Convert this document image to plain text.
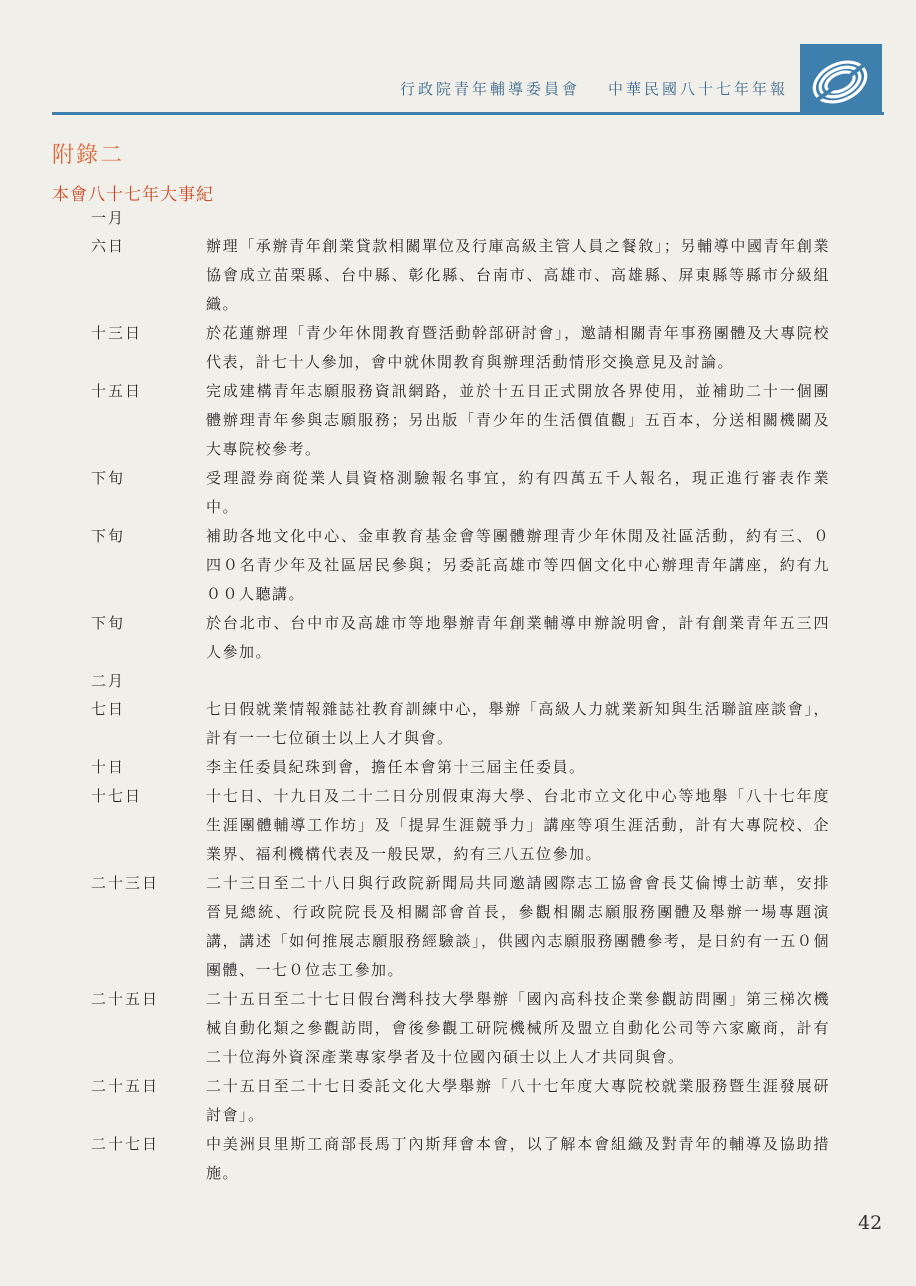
行政院青年輔導委員會 中華民國八十七年年報
附錄二
本會八十七年大事紀
一月
六日	辦理「承辦青年創業貸款相關單位及行庫高級主管人員之餐敘」；另輔導中國青年創業協會成立苗栗縣、台中縣、彰化縣、台南市、高雄市、高雄縣、屏東縣等縣市分級組織。
十三日	於花蓮辦理「青少年休閒教育暨活動幹部研討會」，邀請相關青年事務團體及大專院校代表，計七十人參加，會中就休閒教育與辦理活動情形交換意見及討論。
十五日	完成建構青年志願服務資訊網路，並於十五日正式開放各界使用，並補助二十一個團體辦理青年參與志願服務；另出版「青少年的生活價值觀」五百本，分送相關機關及大專院校參考。
下旬	受理證券商從業人員資格測驗報名事宜，約有四萬五千人報名，現正進行審表作業中。
下旬	補助各地文化中心、金車教育基金會等團體辦理青少年休閒及社區活動，約有三、０四０名青少年及社區居民參與；另委託高雄市等四個文化中心辦理青年講座，約有九００人聽講。
下旬	於台北市、台中市及高雄市等地舉辦青年創業輔導申辦說明會，計有創業青年五三四人參加。
二月
七日	七日假就業情報雜誌社教育訓練中心，舉辦「高級人力就業新知與生活聯誼座談會」，計有一一七位碩士以上人才與會。
十日	李主任委員紀珠到會，擔任本會第十三屆主任委員。
十七日	十七日、十九日及二十二日分別假東海大學、台北市立文化中心等地舉「八十七年度生涯團體輔導工作坊」及「提昇生涯競爭力」講座等項生涯活動，計有大專院校、企業界、福利機構代表及一般民眾，約有三八五位參加。
二十三日	二十三日至二十八日與行政院新聞局共同邀請國際志工協會會長艾倫博士訪華，安排晉見總統、行政院院長及相關部會首長，參觀相關志願服務團體及舉辦一場專題演講，講述「如何推展志願服務經驗談」，供國內志願服務團體參考，是日約有一五０個團體、一七０位志工參加。
二十五日	二十五日至二十七日假台灣科技大學舉辦「國內高科技企業參觀訪問團」第三梯次機械自動化類之參觀訪問，會後參觀工研院機械所及盟立自動化公司等六家廠商，計有二十位海外資深產業專家學者及十位國內碩士以上人才共同與會。
二十五日	二十五日至二十七日委託文化大學舉辦「八十七年度大專院校就業服務暨生涯發展研討會」。
二十七日	中美洲貝里斯工商部長馬丁內斯拜會本會，以了解本會組織及對青年的輔導及協助措施。
42
